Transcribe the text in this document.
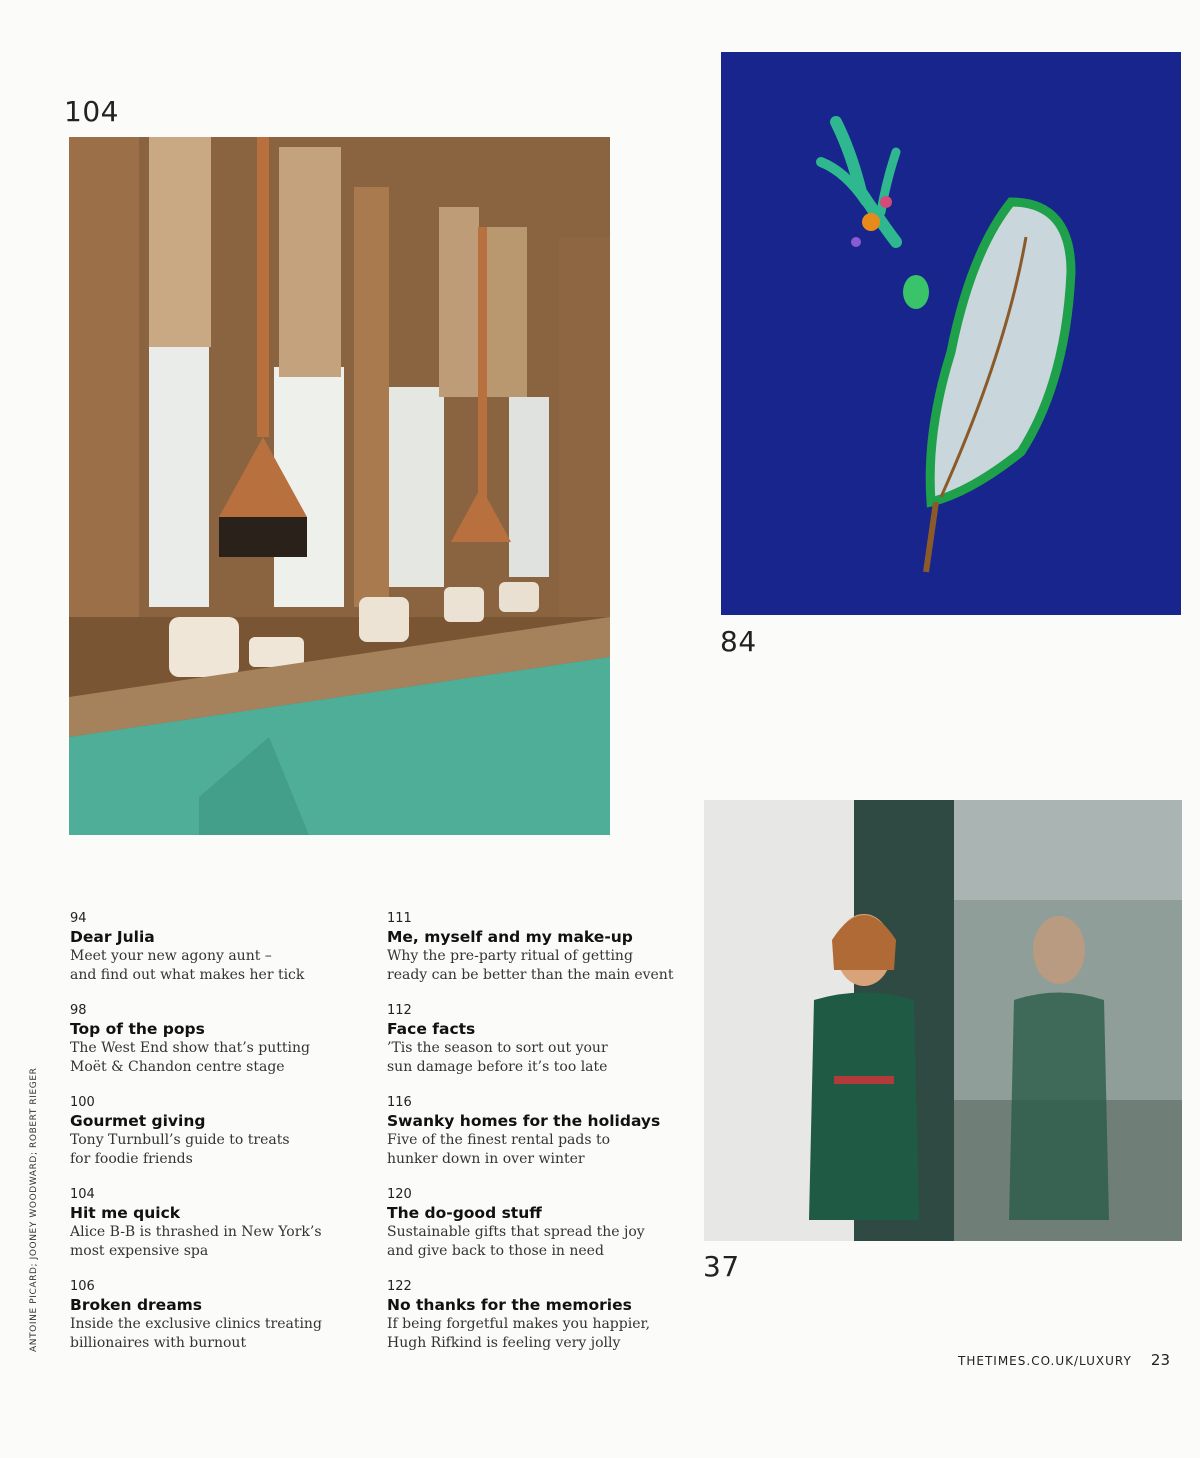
104
84
37
94
Dear Julia
Meet your new agony aunt –
and find out what makes her tick
98
Top of the pops
The West End show that’s putting
Moët & Chandon centre stage
100
Gourmet giving
Tony Turnbull’s guide to treats
for foodie friends
104
Hit me quick
Alice B-B is thrashed in New York’s
most expensive spa
106
Broken dreams
Inside the exclusive clinics treating
billionaires with burnout
111
Me, myself and my make-up
Why the pre-party ritual of getting
ready can be better than the main event
112
Face facts
’Tis the season to sort out your
sun damage before it’s too late
116
Swanky homes for the holidays
Five of the finest rental pads to
hunker down in over winter
120
The do-good stuff
Sustainable gifts that spread the joy
and give back to those in need
122
No thanks for the memories
If being forgetful makes you happier,
Hugh Rifkind is feeling very jolly
ANTOINE PICARD; JOONEY WOODWARD; ROBERT RIEGER
THETIMES.CO.UK/LUXURY 23
